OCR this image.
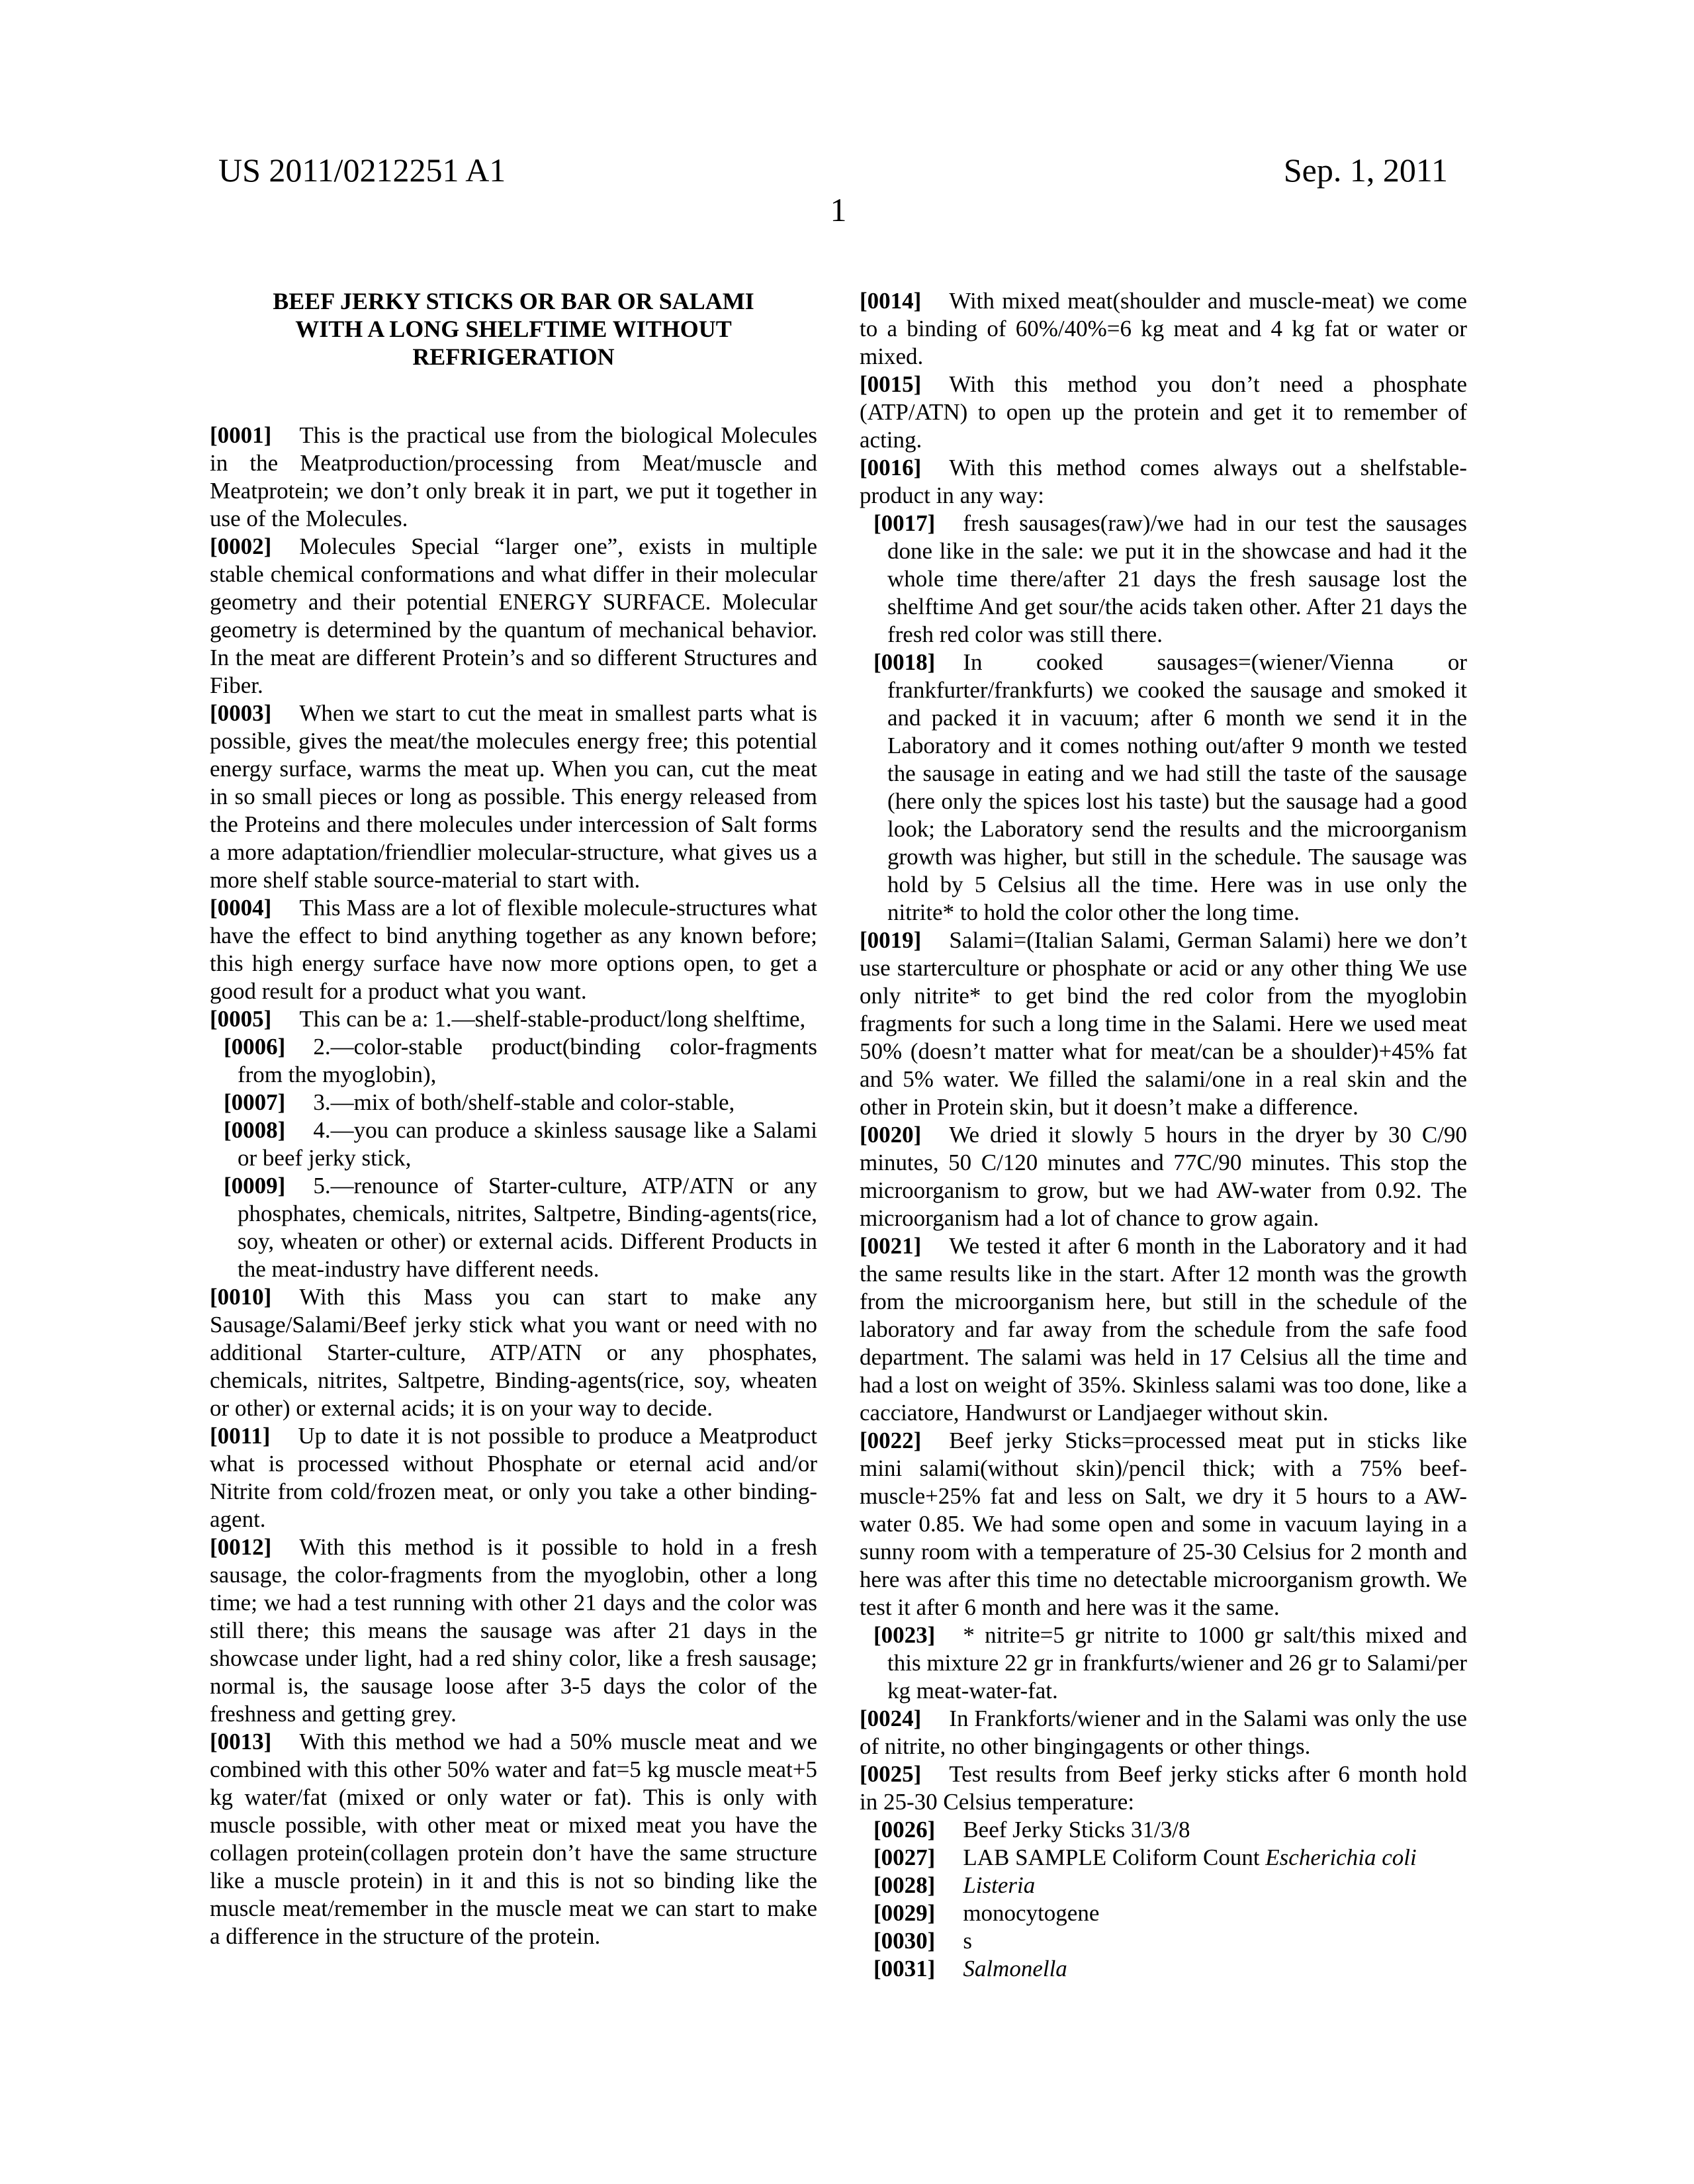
US 2011/0212251 A1	Sep. 1, 2011
1
BEEF JERKY STICKS OR BAR OR SALAMI
WITH A LONG SHELFTIME WITHOUT
REFRIGERATION

[0001] This is the practical use from the biological Molecules in the Meatproduction/processing from Meat/muscle and Meatprotein; we don’t only break it in part, we put it together in use of the Molecules.

[0002] Molecules Special “larger one”, exists in multiple stable chemical conformations and what differ in their molecular geometry and their potential ENERGY SURFACE. Molecular geometry is determined by the quantum of mechanical behavior. In the meat are different Protein’s and so different Structures and Fiber.

[0003] When we start to cut the meat in smallest parts what is possible, gives the meat/the molecules energy free; this potential energy surface, warms the meat up. When you can, cut the meat in so small pieces or long as possible. This energy released from the Proteins and there molecules under intercession of Salt forms a more adaptation/friendlier molecular-structure, what gives us a more shelf stable source-material to start with.

[0004] This Mass are a lot of flexible molecule-structures what have the effect to bind anything together as any known before; this high energy surface have now more options open, to get a good result for a product what you want.

[0005] This can be a: 1.—shelf-stable-product/long shelftime,

[0006] 2.—color-stable product(binding color-fragments from the myoglobin),

[0007] 3.—mix of both/shelf-stable and color-stable,

[0008] 4.—you can produce a skinless sausage like a Salami or beef jerky stick,

[0009] 5.—renounce of Starter-culture, ATP/ATN or any phosphates, chemicals, nitrites, Saltpetre, Binding-agents(rice, soy, wheaten or other) or external acids. Different Products in the meat-industry have different needs.

[0010] With this Mass you can start to make any Sausage/Salami/Beef jerky stick what you want or need with no additional Starter-culture, ATP/ATN or any phosphates, chemicals, nitrites, Saltpetre, Binding-agents(rice, soy, wheaten or other) or external acids; it is on your way to decide.

[0011] Up to date it is not possible to produce a Meatproduct what is processed without Phosphate or eternal acid and/or Nitrite from cold/frozen meat, or only you take a other binding-agent.

[0012] With this method is it possible to hold in a fresh sausage, the color-fragments from the myoglobin, other a long time; we had a test running with other 21 days and the color was still there; this means the sausage was after 21 days in the showcase under light, had a red shiny color, like a fresh sausage; normal is, the sausage loose after 3-5 days the color of the freshness and getting grey.

[0013] With this method we had a 50% muscle meat and we combined with this other 50% water and fat=5 kg muscle meat+5 kg water/fat (mixed or only water or fat). This is only with muscle possible, with other meat or mixed meat you have the collagen protein(collagen protein don’t have the same structure like a muscle protein) in it and this is not so binding like the muscle meat/remember in the muscle meat we can start to make a difference in the structure of the protein.

[0014] With mixed meat(shoulder and muscle-meat) we come to a binding of 60%/40%=6 kg meat and 4 kg fat or water or mixed.

[0015] With this method you don’t need a phosphate (ATP/ATN) to open up the protein and get it to remember of acting.

[0016] With this method comes always out a shelfstable-product in any way:

[0017] fresh sausages(raw)/we had in our test the sausages done like in the sale: we put it in the showcase and had it the whole time there/after 21 days the fresh sausage lost the shelftime And get sour/the acids taken other. After 21 days the fresh red color was still there.

[0018] In cooked sausages=(wiener/Vienna or frankfurter/frankfurts) we cooked the sausage and smoked it and packed it in vacuum; after 6 month we send it in the Laboratory and it comes nothing out/after 9 month we tested the sausage in eating and we had still the taste of the sausage (here only the spices lost his taste) but the sausage had a good look; the Laboratory send the results and the microorganism growth was higher, but still in the schedule. The sausage was hold by 5 Celsius all the time. Here was in use only the nitrite* to hold the color other the long time.

[0019] Salami=(Italian Salami, German Salami) here we don’t use starterculture or phosphate or acid or any other thing We use only nitrite* to get bind the red color from the myoglobin fragments for such a long time in the Salami. Here we used meat 50% (doesn’t matter what for meat/can be a shoulder)+45% fat and 5% water. We filled the salami/one in a real skin and the other in Protein skin, but it doesn’t make a difference.

[0020] We dried it slowly 5 hours in the dryer by 30 C/90 minutes, 50 C/120 minutes and 77C/90 minutes. This stop the microorganism to grow, but we had AW-water from 0.92. The microorganism had a lot of chance to grow again.

[0021] We tested it after 6 month in the Laboratory and it had the same results like in the start. After 12 month was the growth from the microorganism here, but still in the schedule of the laboratory and far away from the schedule from the safe food department. The salami was held in 17 Celsius all the time and had a lost on weight of 35%. Skinless salami was too done, like a cacciatore, Handwurst or Landjaeger without skin.

[0022] Beef jerky Sticks=processed meat put in sticks like mini salami(without skin)/pencil thick; with a 75% beef-muscle+25% fat and less on Salt, we dry it 5 hours to a AW-water 0.85. We had some open and some in vacuum laying in a sunny room with a temperature of 25-30 Celsius for 2 month and here was after this time no detectable microorganism growth. We test it after 6 month and here was it the same.

[0023] * nitrite=5 gr nitrite to 1000 gr salt/this mixed and this mixture 22 gr in frankfurts/wiener and 26 gr to Salami/per kg meat-water-fat.

[0024] In Frankforts/wiener and in the Salami was only the use of nitrite, no other bingingagents or other things.

[0025] Test results from Beef jerky sticks after 6 month hold in 25-30 Celsius temperature:

[0026] Beef Jerky Sticks 31/3/8

[0027] LAB SAMPLE Coliform Count Escherichia coli

[0028] Listeria

[0029] monocytogene

[0030] s

[0031] Salmonella
